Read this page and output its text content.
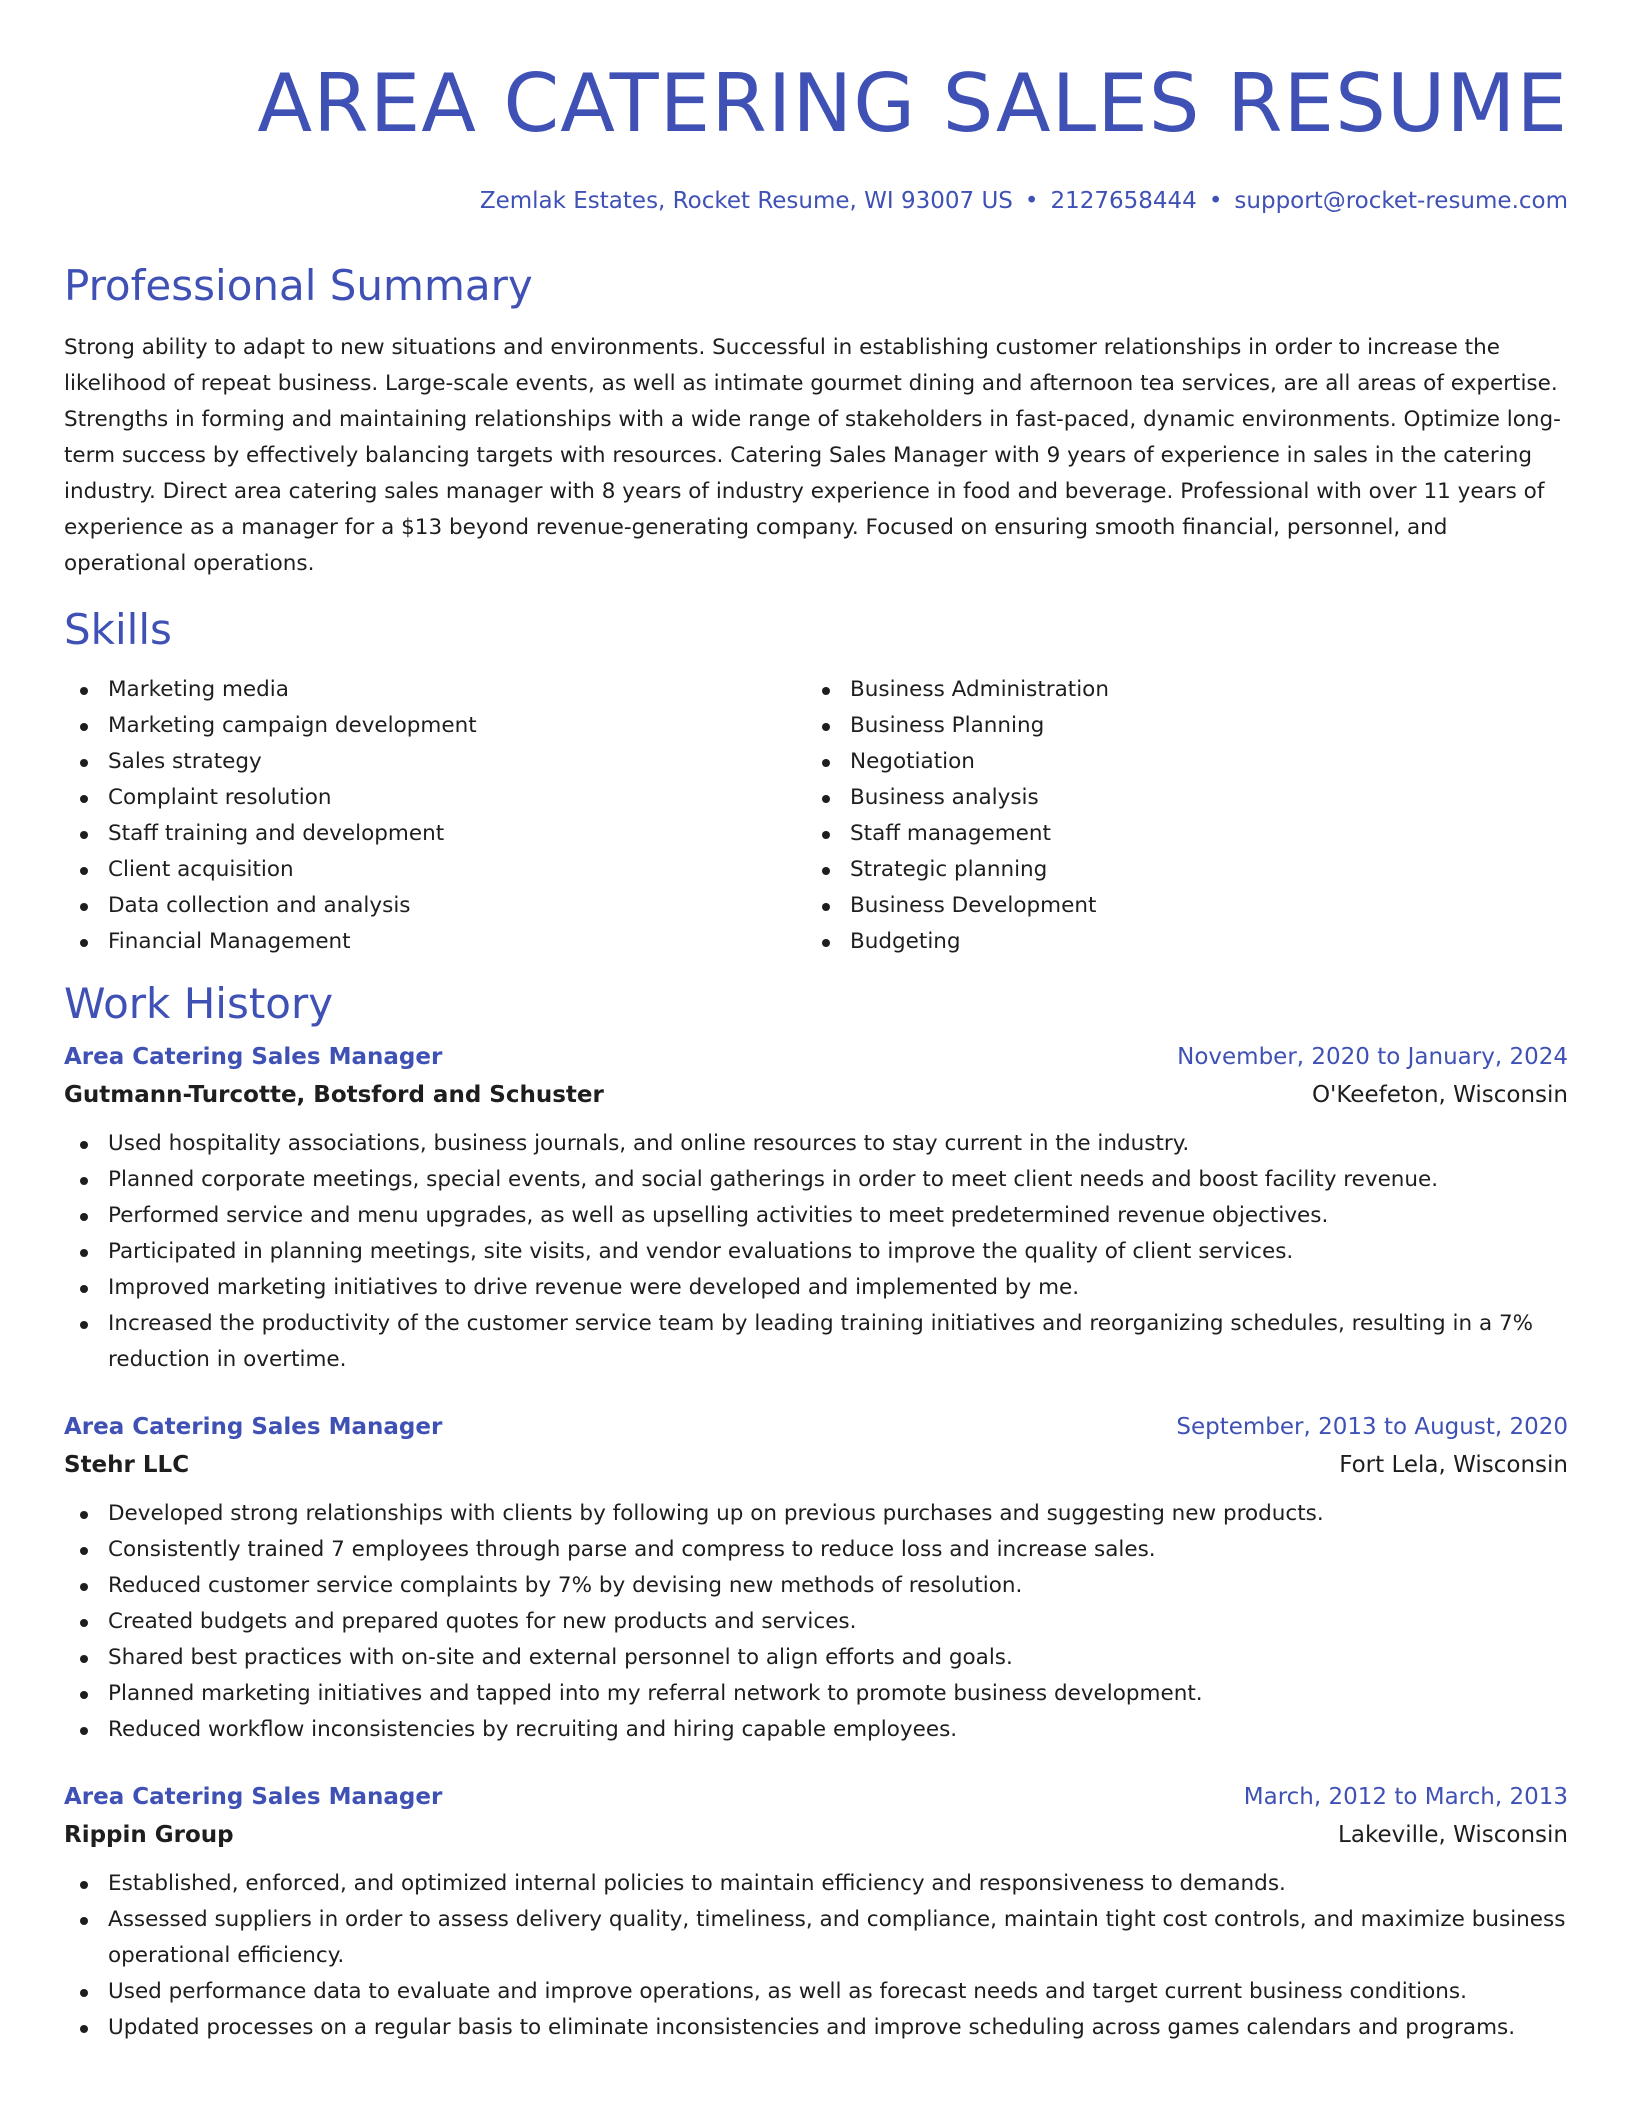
AREA CATERING SALES RESUME
Zemlak Estates, Rocket Resume, WI 93007 US • 2127658444 • support@rocket-resume.com
Professional Summary

Strong ability to adapt to new situations and environments. Successful in establishing customer relationships in order to increase the likelihood of repeat business. Large-scale events, as well as intimate gourmet dining and afternoon tea services, are all areas of expertise. Strengths in forming and maintaining relationships with a wide range of stakeholders in fast-paced, dynamic environments. Optimize long-term success by effectively balancing targets with resources. Catering Sales Manager with 9 years of experience in sales in the catering industry. Direct area catering sales manager with 8 years of industry experience in food and beverage. Professional with over 11 years of experience as a manager for a $13 beyond revenue-generating company. Focused on ensuring smooth financial, personnel, and operational operations.

Skills
Marketing media
Marketing campaign development
Sales strategy
Complaint resolution
Staff training and development
Client acquisition
Data collection and analysis
Financial Management
Business Administration
Business Planning
Negotiation
Business analysis
Staff management
Strategic planning
Business Development
Budgeting
Work History
Area Catering Sales Manager	November, 2020 to January, 2024
Gutmann-Turcotte, Botsford and Schuster	O'Keefeton, Wisconsin
Used hospitality associations, business journals, and online resources to stay current in the industry.
Planned corporate meetings, special events, and social gatherings in order to meet client needs and boost facility revenue.
Performed service and menu upgrades, as well as upselling activities to meet predetermined revenue objectives.
Participated in planning meetings, site visits, and vendor evaluations to improve the quality of client services.
Improved marketing initiatives to drive revenue were developed and implemented by me.
Increased the productivity of the customer service team by leading training initiatives and reorganizing schedules, resulting in a 7% reduction in overtime.
Area Catering Sales Manager	September, 2013 to August, 2020
Stehr LLC	Fort Lela, Wisconsin
Developed strong relationships with clients by following up on previous purchases and suggesting new products.
Consistently trained 7 employees through parse and compress to reduce loss and increase sales.
Reduced customer service complaints by 7% by devising new methods of resolution.
Created budgets and prepared quotes for new products and services.
Shared best practices with on-site and external personnel to align efforts and goals.
Planned marketing initiatives and tapped into my referral network to promote business development.
Reduced workflow inconsistencies by recruiting and hiring capable employees.
Area Catering Sales Manager	March, 2012 to March, 2013
Rippin Group	Lakeville, Wisconsin
Established, enforced, and optimized internal policies to maintain efficiency and responsiveness to demands.
Assessed suppliers in order to assess delivery quality, timeliness, and compliance, maintain tight cost controls, and maximize business operational efficiency.
Used performance data to evaluate and improve operations, as well as forecast needs and target current business conditions.
Updated processes on a regular basis to eliminate inconsistencies and improve scheduling across games calendars and programs.
